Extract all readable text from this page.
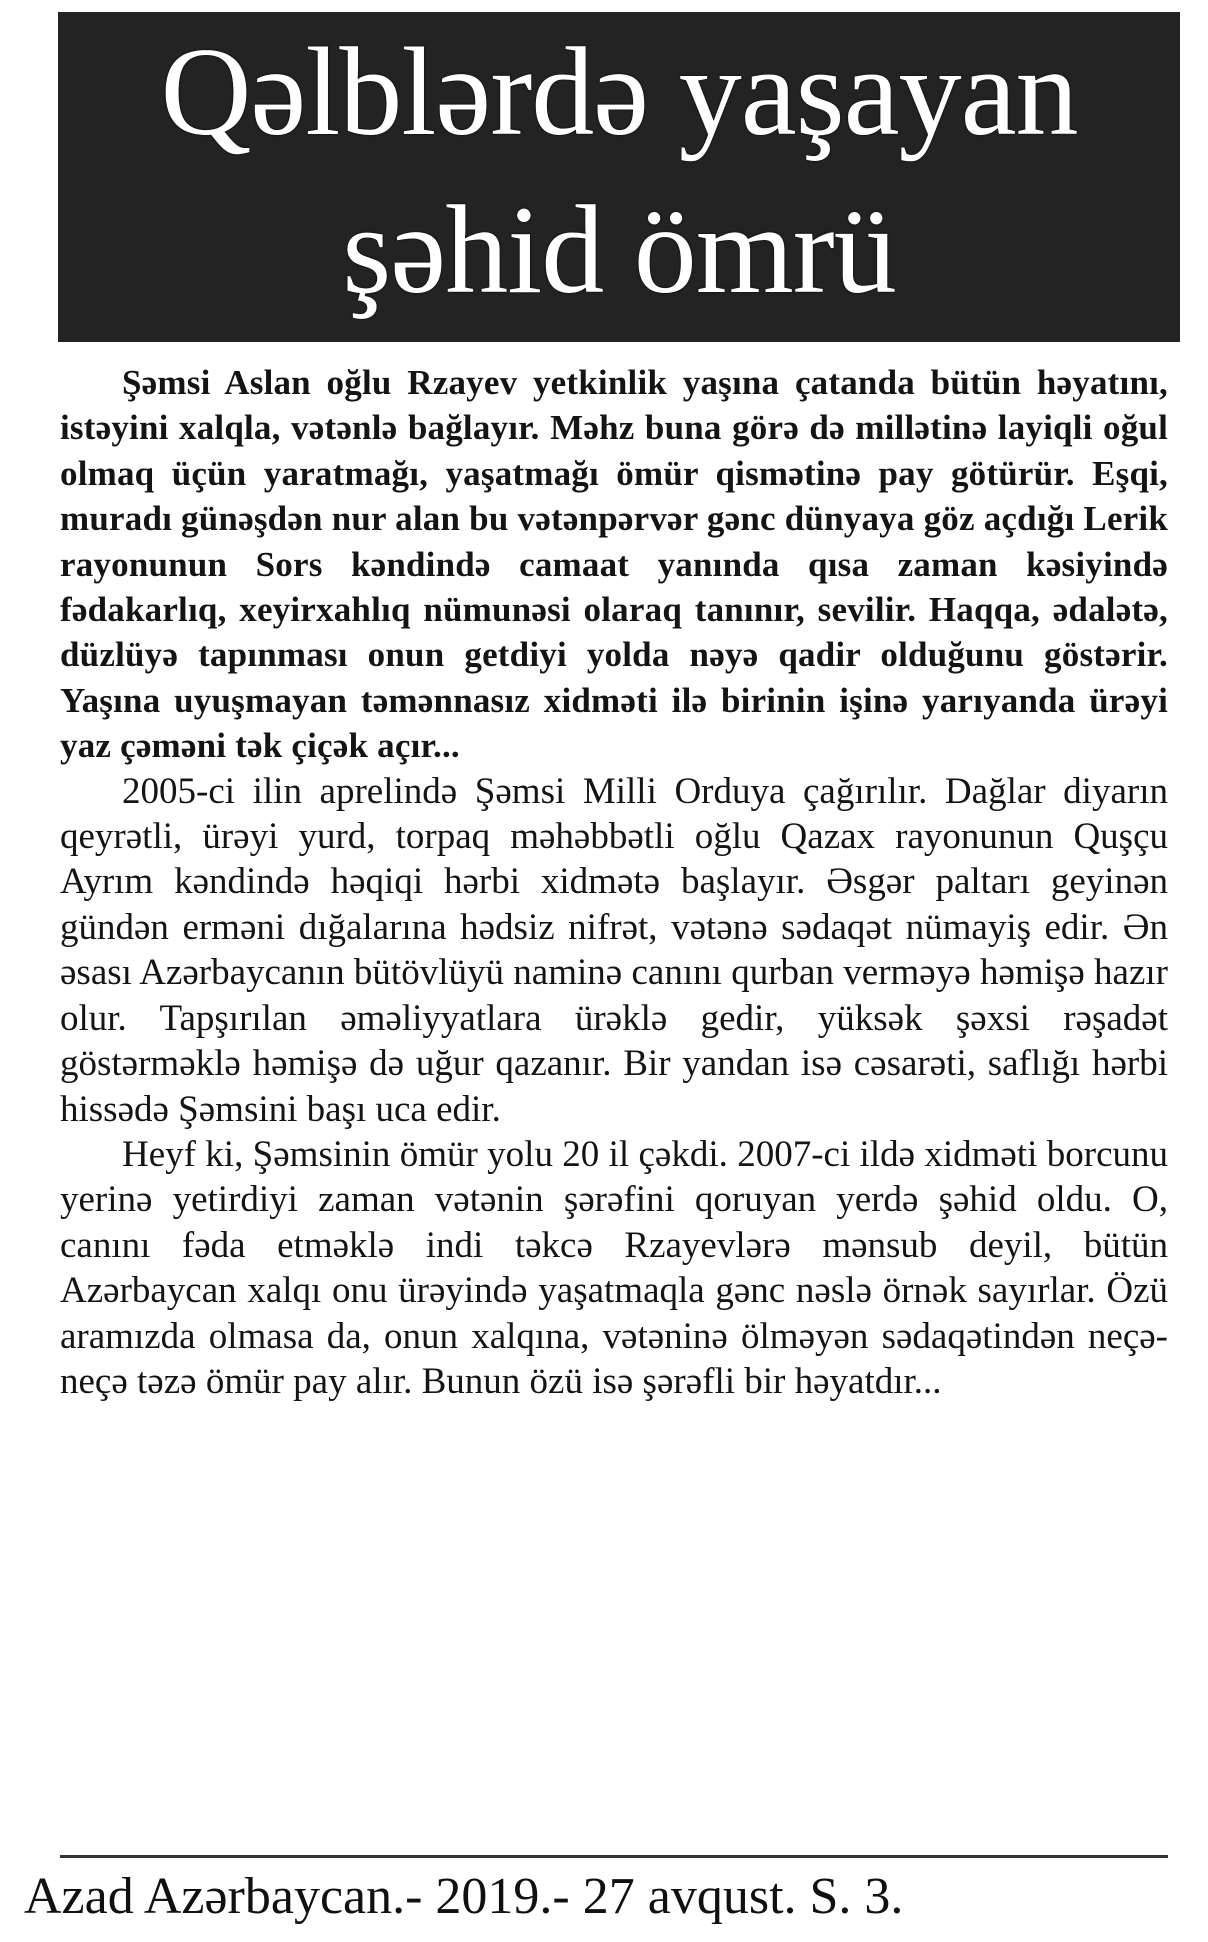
Qəlblərdə yaşayan
şəhid ömrü

Şəmsi Aslan oğlu Rzayev yetkinlik yaşına çatanda bütün həyatını, istəyini xalqla, vətənlə bağlayır. Məhz buna görə də millətinə layiqli oğul olmaq üçün yaratmağı, yaşatmağı ömür qismətinə pay götürür. Eşqi, muradı günəşdən nur alan bu vətənpərvər gənc dünyaya göz açdığı Lerik rayonunun Sors kəndində camaat yanında qısa zaman kəsiyində fədakarlıq, xeyirxahlıq nümunəsi olaraq tanınır, sevilir. Haqqa, ədalətə, düzlüyə tapınması onun getdiyi yolda nəyə qadir olduğunu göstərir. Yaşına uyuşmayan təmənnasız xidməti ilə birinin işinə yarıyanda ürəyi yaz çəməni tək çiçək açır...

2005-ci ilin aprelində Şəmsi Milli Orduya çağırılır. Dağlar diyarın qeyrətli, ürəyi yurd, torpaq məhəbbətli oğlu Qazax rayonunun Quşçu Ayrım kəndində həqiqi hərbi xidmətə başlayır. Əsgər paltarı geyinən gündən erməni dığalarına hədsiz nifrət, vətənə sədaqət nümayiş edir. Ən əsası Azərbaycanın bütövlüyü naminə canını qurban verməyə həmişə hazır olur. Tapşırılan əməliyyatlara ürəklə gedir, yüksək şəxsi rəşadət göstərməklə həmişə də uğur qazanır. Bir yandan isə cəsarəti, saflığı hərbi hissədə Şəmsini başı uca edir.

Heyf ki, Şəmsinin ömür yolu 20 il çəkdi. 2007-ci ildə xidməti borcunu yerinə yetirdiyi zaman vətənin şərəfini qoruyan yerdə şəhid oldu. O, canını fəda etməklə indi təkcə Rzayevlərə mənsub deyil, bütün Azərbaycan xalqı onu ürəyində yaşatmaqla gənc nəslə örnək sayırlar. Özü aramızda olmasa da, onun xalqına, vətəninə ölməyən sədaqətindən neçə-neçə təzə ömür pay alır. Bunun özü isə şərəfli bir həyatdır...

Azad Azərbaycan.- 2019.- 27 avqust. S. 3.
